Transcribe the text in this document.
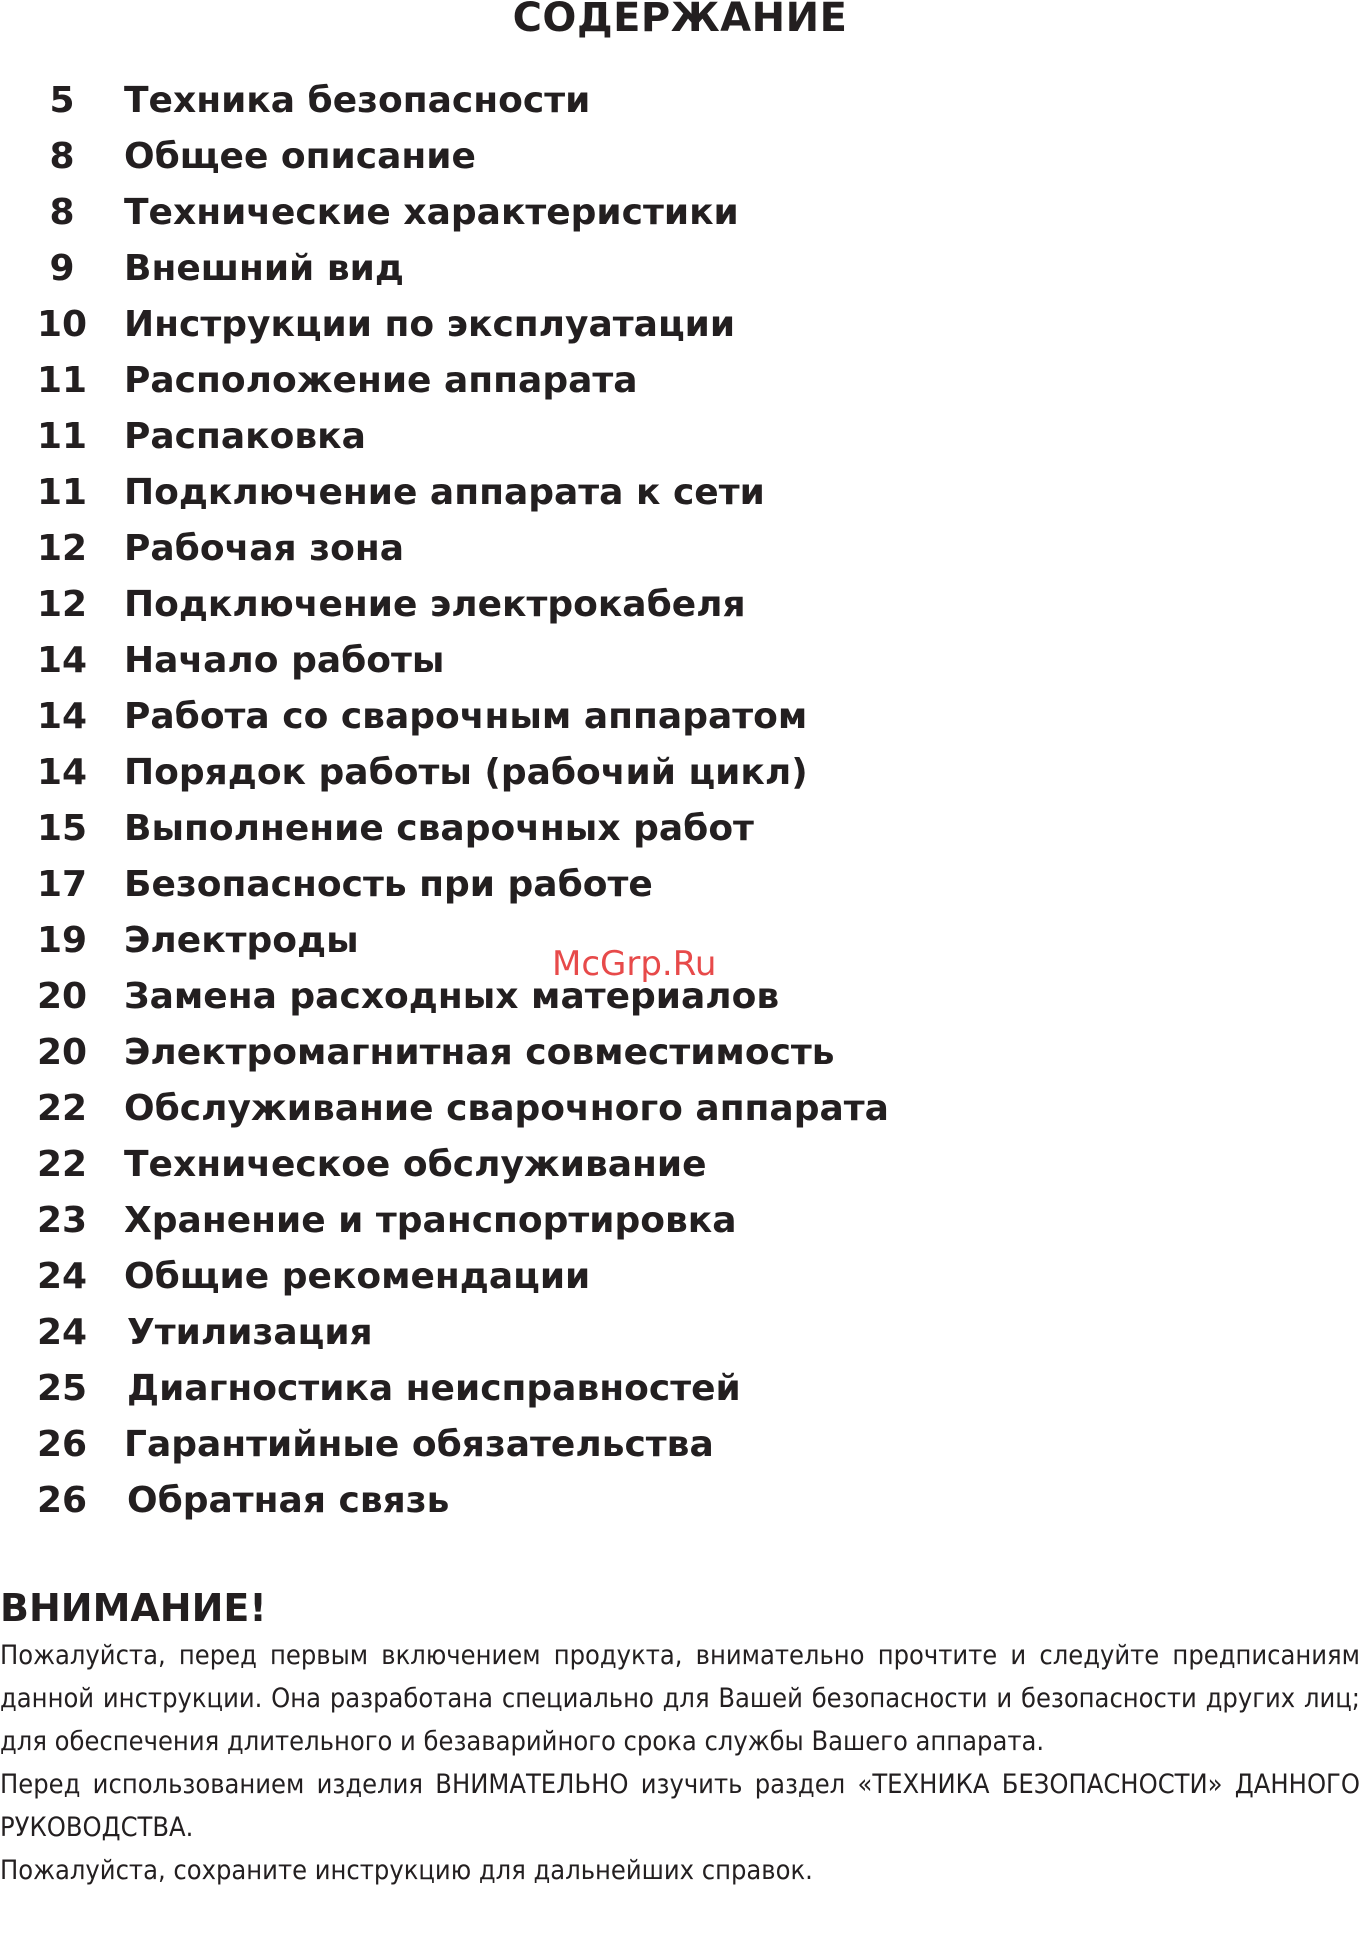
СОДЕРЖАНИЕ
5	Техника безопасности
8	Общее описание
8	Технические характеристики
9	Внешний вид
10	Инструкции по эксплуатации
11	Расположение аппарата
11	Распаковка
11	Подключение аппарата к сети
12	Рабочая зона
12	Подключение электрокабеля
14	Начало работы
14	Работа со сварочным аппаратом
14	Порядок работы (рабочий цикл)
15	Выполнение сварочных работ
17	Безопасность при работе
19	Электроды
20	Замена расходных материалов
20	Электромагнитная совместимость
22	Обслуживание сварочного аппарата
22	Техническое обслуживание
23	Хранение и транспортировка
24	Общие рекомендации
24	Утилизация
25	Диагностика неисправностей
26	Гарантийные обязательства
26	Обратная связь
McGrp.Ru
ВНИМАНИЕ!

Пожалуйста, перед первым включением продукта, внимательно прочтите и следуйте предписаниям данной инструкции. Она разработана специально для Вашей безопасности и безопасности других лиц; для обеспечения длительного и безаварийного срока службы Вашего аппарата.

Перед использованием изделия ВНИМАТЕЛЬНО изучить раздел «ТЕХНИКА БЕЗОПАСНОСТИ» ДАННОГО РУКОВОДСТВА.

Пожалуйста, сохраните инструкцию для дальнейших справок.
